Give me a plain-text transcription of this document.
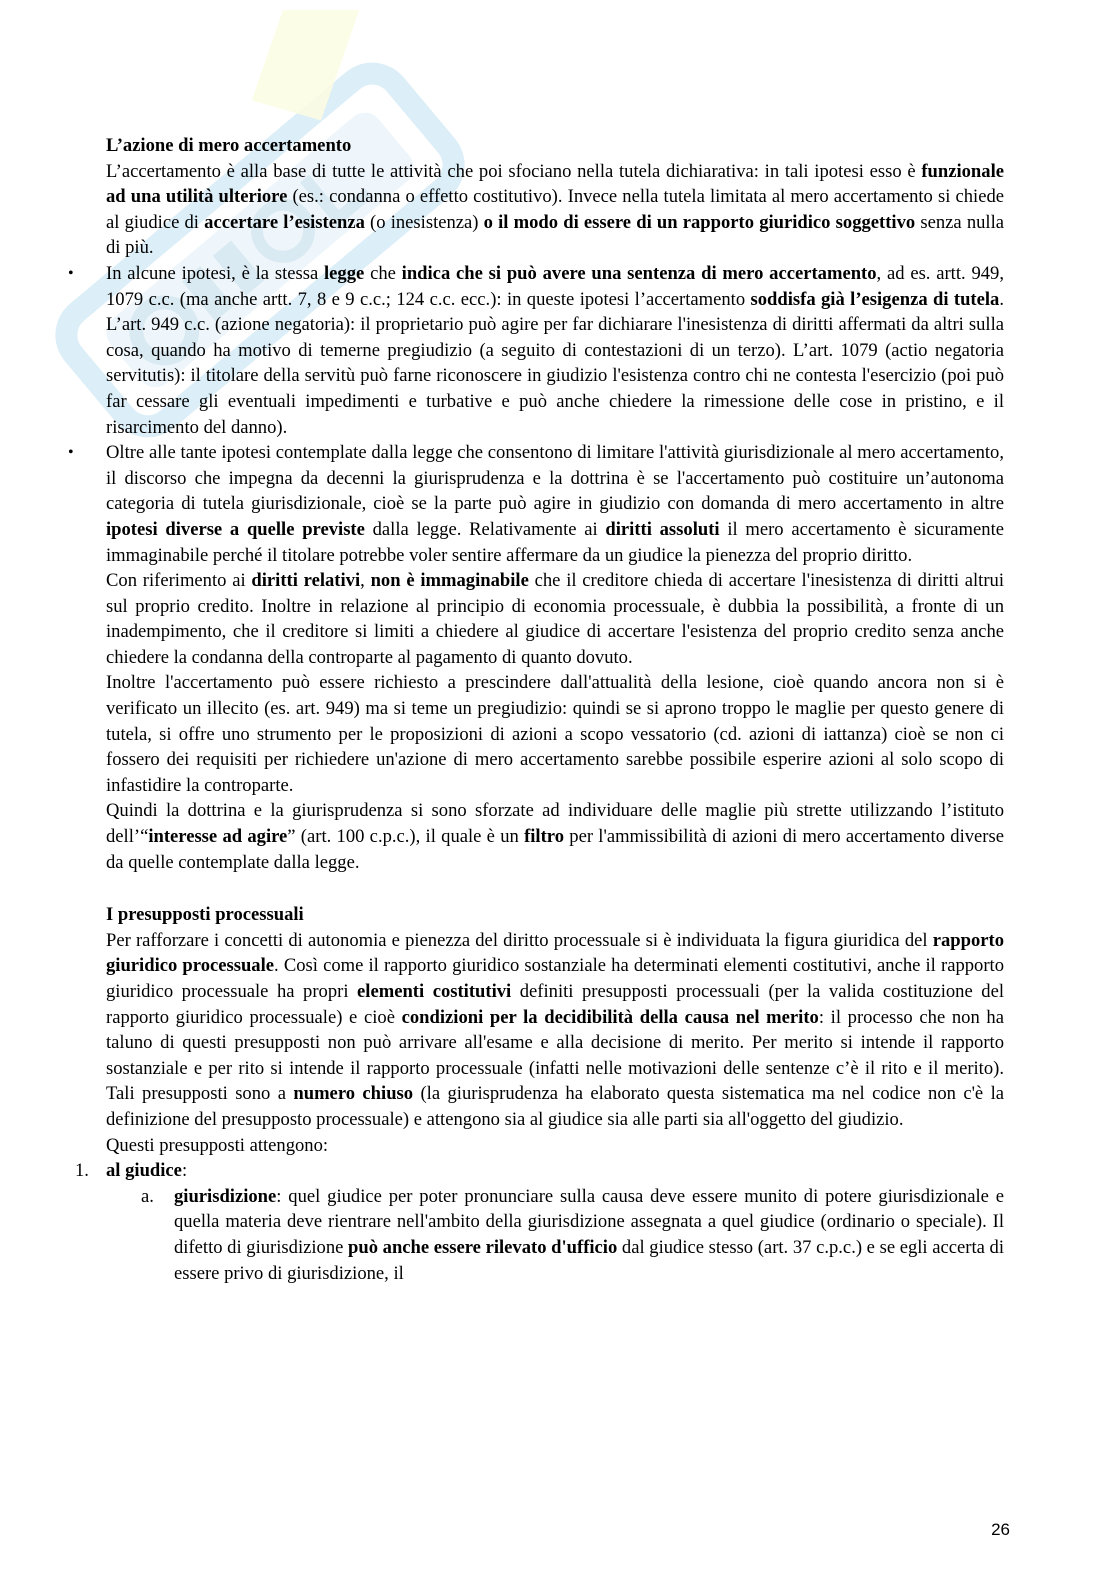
L’azione di mero accertamento

L’accertamento è alla base di tutte le attività che poi sfociano nella tutela dichiarativa: in tali ipotesi esso è funzionale ad una utilità ulteriore (es.: condanna o effetto costitutivo). Invece nella tutela limitata al mero accertamento si chiede al giudice di accertare l’esistenza (o inesistenza) o il modo di essere di un rapporto giuridico soggettivo senza nulla di più.

• In alcune ipotesi, è la stessa legge che indica che si può avere una sentenza di mero accertamento, ad es. artt. 949, 1079 c.c. (ma anche artt. 7, 8 e 9 c.c.; 124 c.c. ecc.): in queste ipotesi l’accertamento soddisfa già l’esigenza di tutela. L’art. 949 c.c. (azione negatoria): il proprietario può agire per far dichiarare l'inesistenza di diritti affermati da altri sulla cosa, quando ha motivo di temerne pregiudizio (a seguito di contestazioni di un terzo). L’art. 1079 (actio negatoria servitutis): il titolare della servitù può farne riconoscere in giudizio l'esistenza contro chi ne contesta l'esercizio (poi può far cessare gli eventuali impedimenti e turbative e può anche chiedere la rimessione delle cose in pristino, e il risarcimento del danno).

• Oltre alle tante ipotesi contemplate dalla legge che consentono di limitare l'attività giurisdizionale al mero accertamento, il discorso che impegna da decenni la giurisprudenza e la dottrina è se l'accertamento può costituire un’autonoma categoria di tutela giurisdizionale, cioè se la parte può agire in giudizio con domanda di mero accertamento in altre ipotesi diverse a quelle previste dalla legge. Relativamente ai diritti assoluti il mero accertamento è sicuramente immaginabile perché il titolare potrebbe voler sentire affermare da un giudice la pienezza del proprio diritto.

Con riferimento ai diritti relativi, non è immaginabile che il creditore chieda di accertare l'inesistenza di diritti altrui sul proprio credito. Inoltre in relazione al principio di economia processuale, è dubbia la possibilità, a fronte di un inadempimento, che il creditore si limiti a chiedere al giudice di accertare l'esistenza del proprio credito senza anche chiedere la condanna della controparte al pagamento di quanto dovuto.

Inoltre l'accertamento può essere richiesto a prescindere dall'attualità della lesione, cioè quando ancora non si è verificato un illecito (es. art. 949) ma si teme un pregiudizio: quindi se si aprono troppo le maglie per questo genere di tutela, si offre uno strumento per le proposizioni di azioni a scopo vessatorio (cd. azioni di iattanza) cioè se non ci fossero dei requisiti per richiedere un'azione di mero accertamento sarebbe possibile esperire azioni al solo scopo di infastidire la controparte.

Quindi la dottrina e la giurisprudenza si sono sforzate ad individuare delle maglie più strette utilizzando l’istituto dell’“interesse ad agire” (art. 100 c.p.c.), il quale è un filtro per l'ammissibilità di azioni di mero accertamento diverse da quelle contemplate dalla legge.

I presupposti processuali

Per rafforzare i concetti di autonomia e pienezza del diritto processuale si è individuata la figura giuridica del rapporto giuridico processuale. Così come il rapporto giuridico sostanziale ha determinati elementi costitutivi, anche il rapporto giuridico processuale ha propri elementi costitutivi definiti presupposti processuali (per la valida costituzione del rapporto giuridico processuale) e cioè condizioni per la decidibilità della causa nel merito: il processo che non ha taluno di questi presupposti non può arrivare all'esame e alla decisione di merito. Per merito si intende il rapporto sostanziale e per rito si intende il rapporto processuale (infatti nelle motivazioni delle sentenze c’è il rito e il merito). Tali presupposti sono a numero chiuso (la giurisprudenza ha elaborato questa sistematica ma nel codice non c'è la definizione del presupposto processuale) e attengono sia al giudice sia alle parti sia all'oggetto del giudizio.

Questi presupposti attengono:

1. al giudice:

a. giurisdizione: quel giudice per poter pronunciare sulla causa deve essere munito di potere giurisdizionale e quella materia deve rientrare nell'ambito della giurisdizione assegnata a quel giudice (ordinario o speciale). Il difetto di giurisdizione può anche essere rilevato d'ufficio dal giudice stesso (art. 37 c.p.c.) e se egli accerta di essere privo di giurisdizione, il

26
